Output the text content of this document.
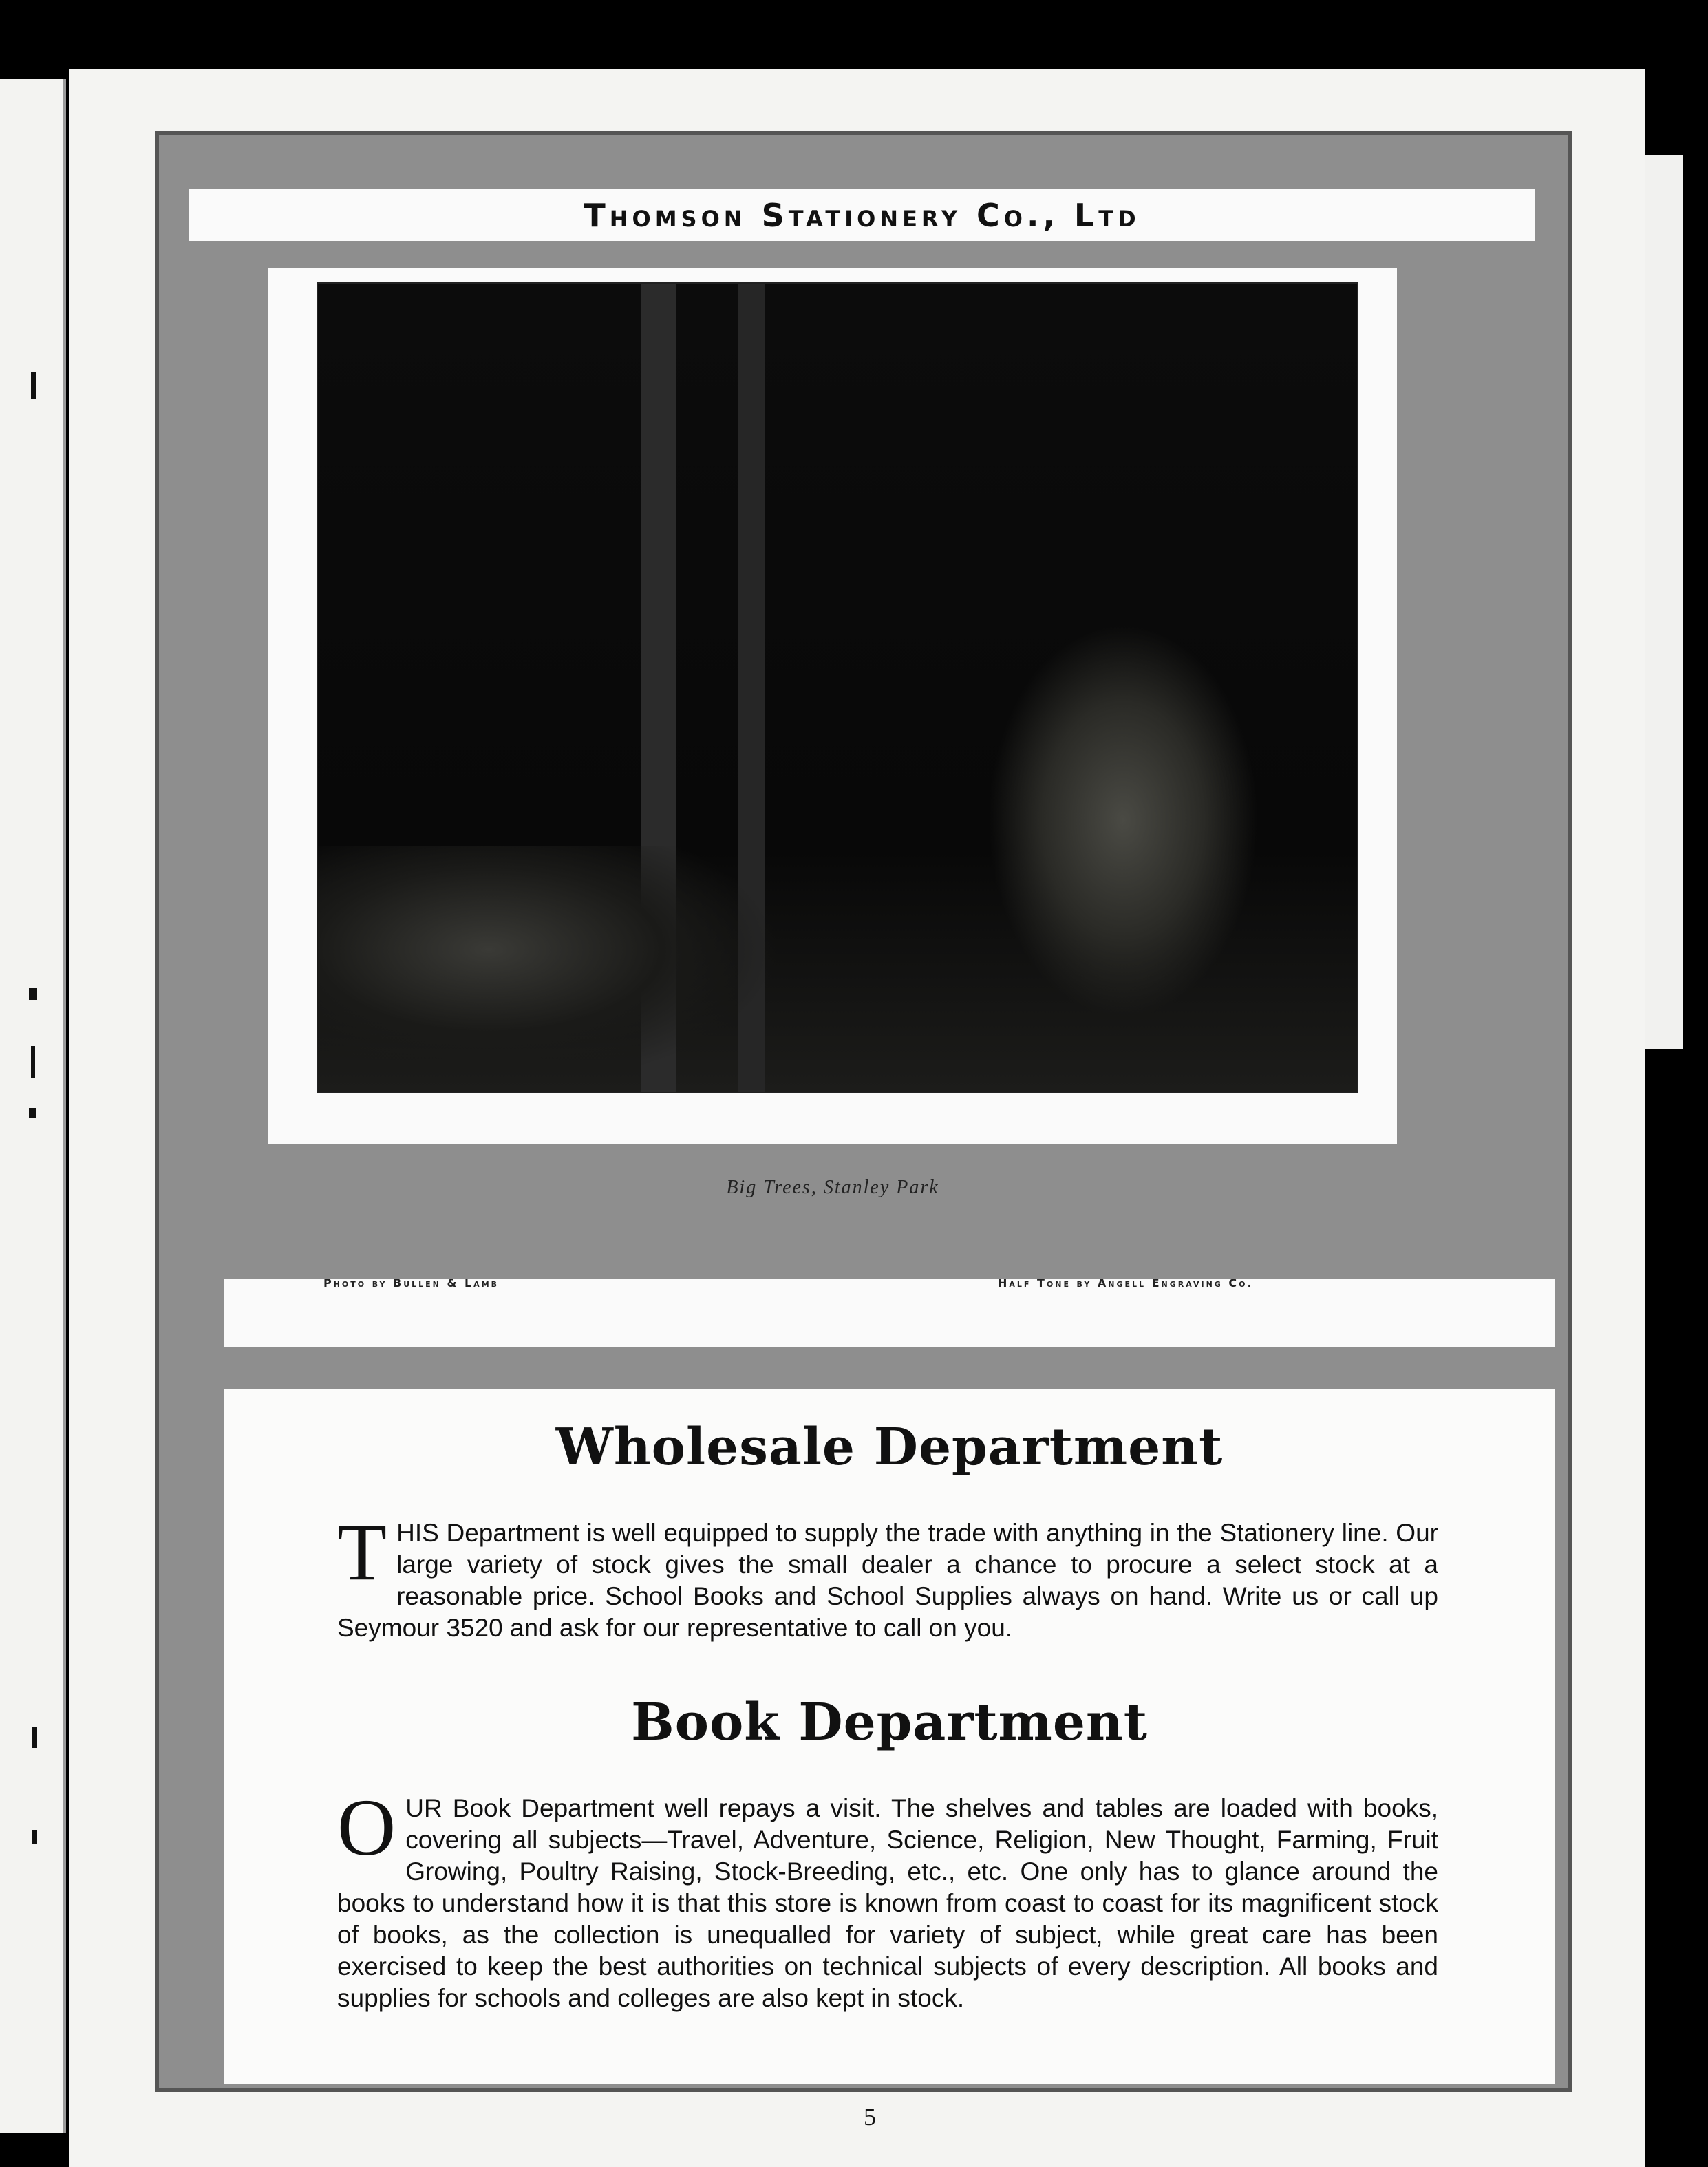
Thomson Stationery Co., Ltd
Big Trees, Stanley Park
Photo by Bullen & Lamb	Half Tone by Angell Engraving Co.
Wholesale Department
T HIS Department is well equipped to supply the trade with anything in the Stationery line. Our large variety of stock gives the small dealer a chance to procure a select stock at a reasonable price. School Books and School Supplies always on hand. Write us or call up Seymour 3520 and ask for our representative to call on you.
Book Department
O UR Book Department well repays a visit. The shelves and tables are loaded with books, covering all subjects—Travel, Adventure, Science, Religion, New Thought, Farming, Fruit Growing, Poultry Raising, Stock-Breeding, etc., etc. One only has to glance around the books to understand how it is that this store is known from coast to coast for its magnificent stock of books, as the collection is unequalled for variety of subject, while great care has been exercised to keep the best authorities on technical subjects of every description. All books and supplies for schools and colleges are also kept in stock.
5
